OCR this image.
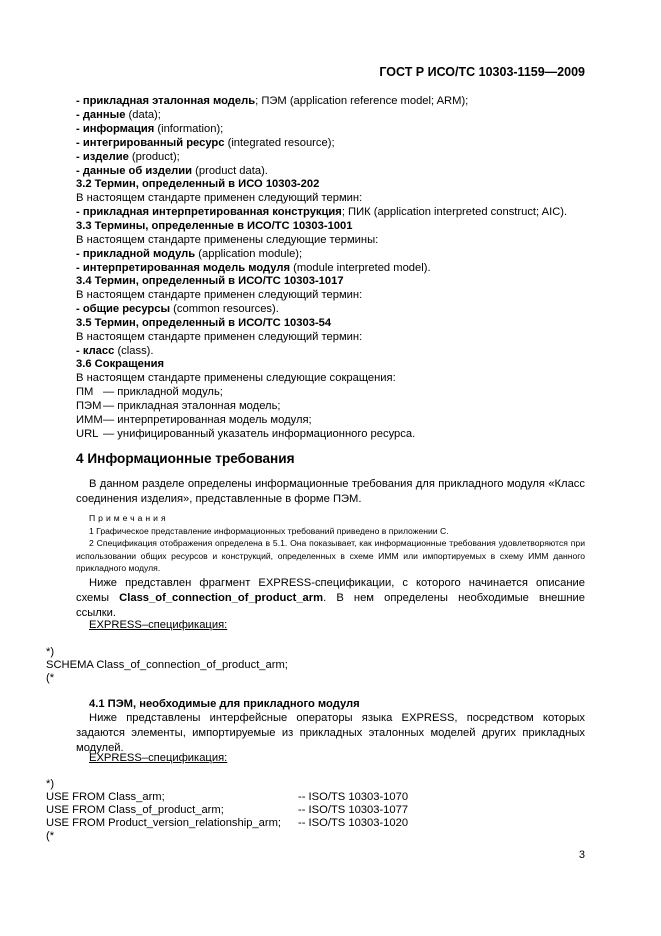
ГОСТ Р ИСО/ТС 10303-1159—2009
- прикладная эталонная модель; ПЭМ (application reference model; ARM);
- данные (data);
- информация (information);
- интегрированный ресурс (integrated resource);
- изделие (product);
- данные об изделии (product data).
3.2 Термин, определенный в ИСО 10303-202
В настоящем стандарте применен следующий термин:
- прикладная интерпретированная конструкция; ПИК (application interpreted construct; AIC).
3.3 Термины, определенные в ИСО/ТС 10303-1001
В настоящем стандарте применены следующие термины:
- прикладной модуль (application module);
- интерпретированная модель модуля (module interpreted model).
3.4 Термин, определенный в ИСО/ТС 10303-1017
В настоящем стандарте применен следующий термин:
- общие ресурсы (common resources).
3.5 Термин, определенный в ИСО/ТС 10303-54
В настоящем стандарте применен следующий термин:
- класс (class).
3.6 Сокращения
В настоящем стандарте применены следующие сокращения:
ПМ — прикладной модуль;
ПЭМ — прикладная эталонная модель;
ИММ— интерпретированная модель модуля;
URL — унифицированный указатель информационного ресурса.
4 Информационные требования
В данном разделе определены информационные требования для прикладного модуля «Класс соединения изделия», представленные в форме ПЭМ.
Примечания
1 Графическое представление информационных требований приведено в приложении С.
2 Спецификация отображения определена в 5.1. Она показывает, как информационные требования удовлетворяются при использовании общих ресурсов и конструкций, определенных в схеме ИММ или импортируемых в схему ИММ данного прикладного модуля.
Ниже представлен фрагмент EXPRESS-спецификации, с которого начинается описание схемы Class_of_connection_of_product_arm. В нем определены необходимые внешние ссылки.
EXPRESS–спецификация:
*)
SCHEMA Class_of_connection_of_product_arm;
(*
4.1 ПЭМ, необходимые для прикладного модуля
Ниже представлены интерфейсные операторы языка EXPRESS, посредством которых задаются элементы, импортируемые из прикладных эталонных моделей других прикладных модулей.
EXPRESS–спецификация:
*)
USE FROM Class_arm;	-- ISO/TS 10303-1070
USE FROM Class_of_product_arm;	-- ISO/TS 10303-1077
USE FROM Product_version_relationship_arm; -- ISO/TS 10303-1020
(*
3
